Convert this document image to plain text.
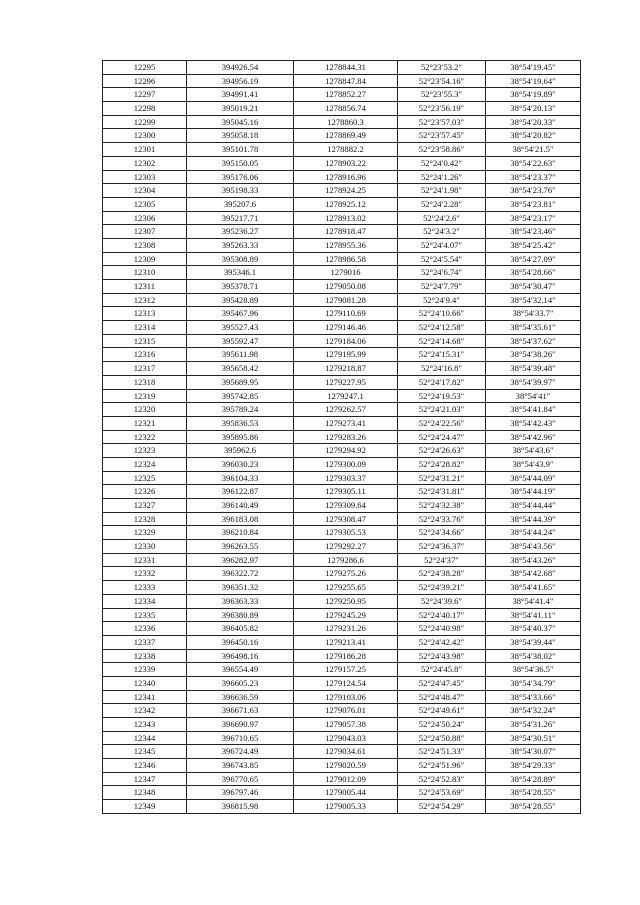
12295	394926.54	1278844.31	52°23′53.2″	38°54′19.45″
12296	394956.19	1278847.84	52°23′54.16″	38°54′19.64″
12297	394991.41	1278852.27	52°23′55.3″	38°54′19.89″
12298	395019.21	1278856.74	52°23′56.19″	38°54′20.13″
12299	395045.16	1278860.3	52°23′57.03″	38°54′20.33″
12300	395058.18	1278869.49	52°23′57.45″	38°54′20.82″
12301	395101.78	1278882.2	52°23′58.86″	38°54′21.5″
12302	395150.05	1278903.22	52°24′0.42″	38°54′22.63″
12303	395176.06	1278916.96	52°24′1.26″	38°54′23.37″
12304	395198.33	1278924.25	52°24′1.98″	38°54′23.76″
12305	395207.6	1278925.12	52°24′2.28″	38°54′23.81″
12306	395217.71	1278913.02	52°24′2.6″	38°54′23.17″
12307	395236.27	1278918.47	52°24′3.2″	38°54′23.46″
12308	395263.33	1278955.36	52°24′4.07″	38°54′25.42″
12309	395308.89	1278986.58	52°24′5.54″	38°54′27.09″
12310	395346.1	1279016	52°24′6.74″	38°54′28.66″
12311	395378.71	1279050.08	52°24′7.79″	38°54′30.47″
12312	395428.89	1279081.28	52°24′9.4″	38°54′32.14″
12313	395467.96	1279110.69	52°24′10.66″	38°54′33.7″
12314	395527.43	1279146.46	52°24′12.58″	38°54′35.61″
12315	395592.47	1279184.06	52°24′14.68″	38°54′37.62″
12316	395611.98	1279195.99	52°24′15.31″	38°54′38.26″
12317	395658.42	1279218.87	52°24′16.8″	38°54′39.48″
12318	395689.95	1279227.95	52°24′17.82″	38°54′39.97″
12319	395742.85	1279247.1	52°24′19.53″	38°54′41″
12320	395789.24	1279262.57	52°24′21.03″	38°54′41.84″
12321	395836.53	1279273.41	52°24′22.56″	38°54′42.43″
12322	395895.86	1279283.26	52°24′24.47″	38°54′42.96″
12323	395962.6	1279294.92	52°24′26.63″	38°54′43.6″
12324	396030.23	1279300.09	52°24′28.82″	38°54′43.9″
12325	396104.33	1279303.37	52°24′31.21″	38°54′44.09″
12326	396122.87	1279305.11	52°24′31.81″	38°54′44.19″
12327	396140.49	1279309.64	52°24′32.38″	38°54′44.44″
12328	396183.08	1279308.47	52°24′33.76″	38°54′44.39″
12329	396210.84	1279305.53	52°24′34.66″	38°54′44.24″
12330	396263.55	1279292.27	52°24′36.37″	38°54′43.56″
12331	396282.97	1279286.6	52°24′37″	38°54′43.26″
12332	396322.72	1279275.26	52°24′38.28″	38°54′42.68″
12333	396351.32	1279255.65	52°24′39.21″	38°54′41.65″
12334	396363.33	1279250.95	52°24′39.6″	38°54′41.4″
12335	396380.89	1279245.29	52°24′40.17″	38°54′41.11″
12336	396405.82	1279231.26	52°24′40.98″	38°54′40.37″
12337	396450.16	1279213.41	52°24′42.42″	38°54′39.44″
12338	396498.16	1279186.28	52°24′43.98″	38°54′38.02″
12339	396554.49	1279157.25	52°24′45.8″	38°54′36.5″
12340	396605.23	1279124.54	52°24′47.45″	38°54′34.79″
12341	396636.59	1279103.06	52°24′48.47″	38°54′33.66″
12342	396671.63	1279076.01	52°24′49.61″	38°54′32.24″
12343	396690.97	1279057.38	52°24′50.24″	38°54′31.26″
12344	396710.65	1279043.03	52°24′50.88″	38°54′30.51″
12345	396724.49	1279034.61	52°24′51.33″	38°54′30.07″
12346	396743.85	1279020.59	52°24′51.96″	38°54′29.33″
12347	396770.65	1279012.09	52°24′52.83″	38°54′28.89″
12348	396797.46	1279005.44	52°24′53.69″	38°54′28.55″
12349	396815.98	1279005.33	52°24′54.29″	38°54′28.55″
